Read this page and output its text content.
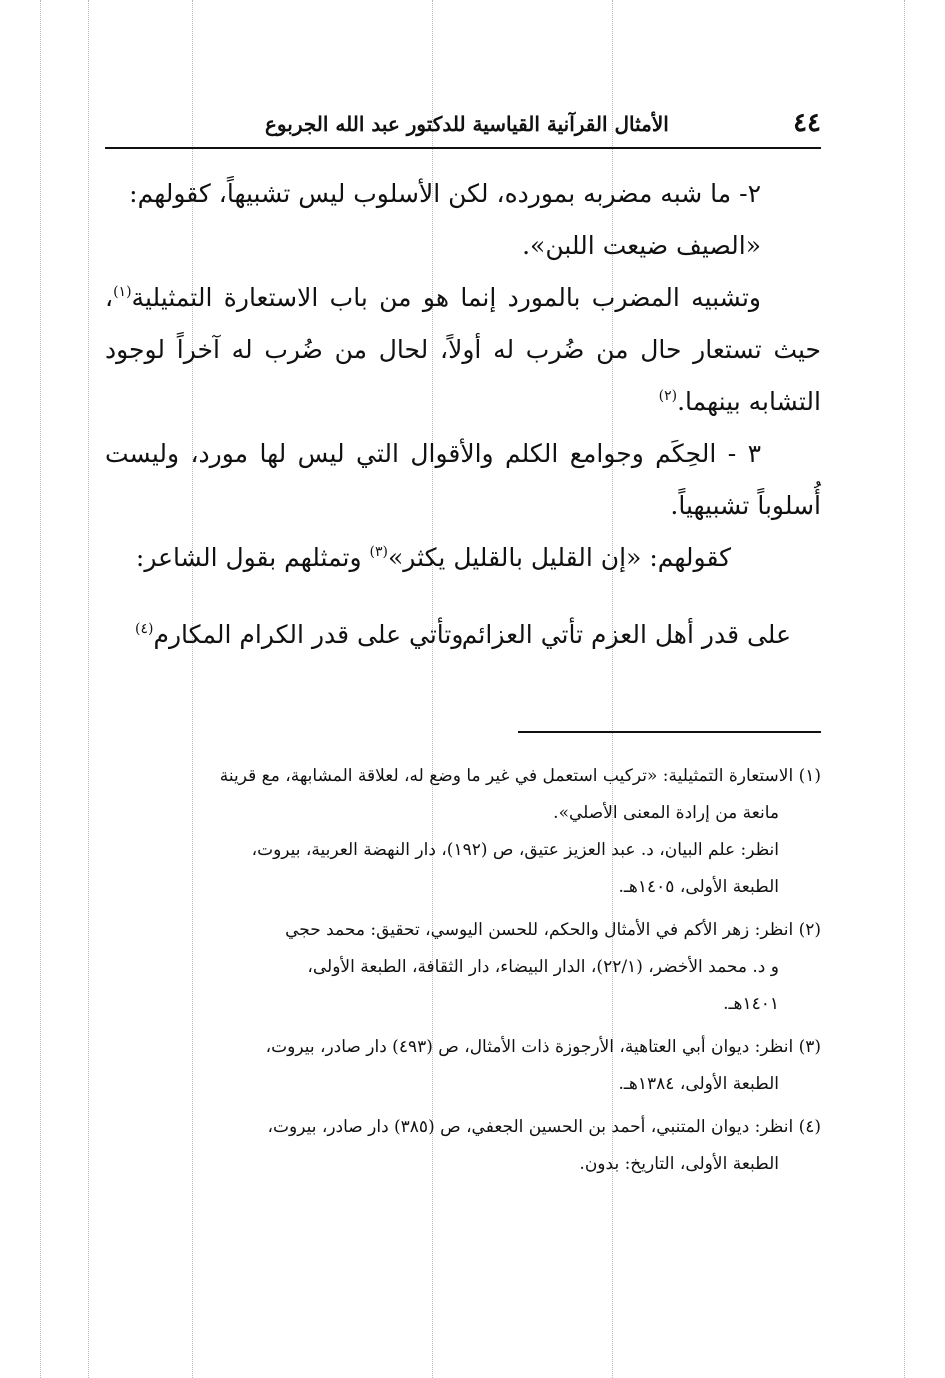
٤٤
الأمثال القرآنية القياسية للدكتور عبد الله الجربوع

٢- ما شبه مضربه بمورده، لكن الأسلوب ليس تشبيهاً، كقولهم:

«الصيف ضيعت اللبن».

وتشبيه المضرب بالمورد إنما هو من باب الاستعارة التمثيلية$^{(١)}$، حيث تستعار حال من ضُرب له أولاً، لحال من ضُرب له آخراً لوجود التشابه بينهما.$^{(٢)}$

٣ - الحِكَم وجوامع الكلم والأقوال التي ليس لها مورد، وليست أُسلوباً تشبيهياً.

كقولهم: «إن القليل بالقليل يكثر»$^{(٣)}$ وتمثلهم بقول الشاعر:

على قدر أهل العزم تأتي العزائم
وتأتي على قدر الكرام المكارم$^{(٤)}$
(١) الاستعارة التمثيلية: «تركيب استعمل في غير ما وضع له، لعلاقة المشابهة، مع قرينة
مانعة من إرادة المعنى الأصلي».
انظر: علم البيان، د. عبد العزيز عتيق، ص (١٩٢)، دار النهضة العربية، بيروت،
الطبعة الأولى، ١٤٠٥هـ.
(٢) انظر: زهر الأكم في الأمثال والحكم، للحسن اليوسي، تحقيق: محمد حجي
و د. محمد الأخضر، (٢٢/١)، الدار البيضاء، دار الثقافة، الطبعة الأولى،
١٤٠١هـ.
(٣) انظر: ديوان أبي العتاهية، الأرجوزة ذات الأمثال، ص (٤٩٣) دار صادر، بيروت،
الطبعة الأولى، ١٣٨٤هـ.
(٤) انظر: ديوان المتنبي، أحمد بن الحسين الجعفي، ص (٣٨٥) دار صادر، بيروت،
الطبعة الأولى، التاريخ: بدون.
